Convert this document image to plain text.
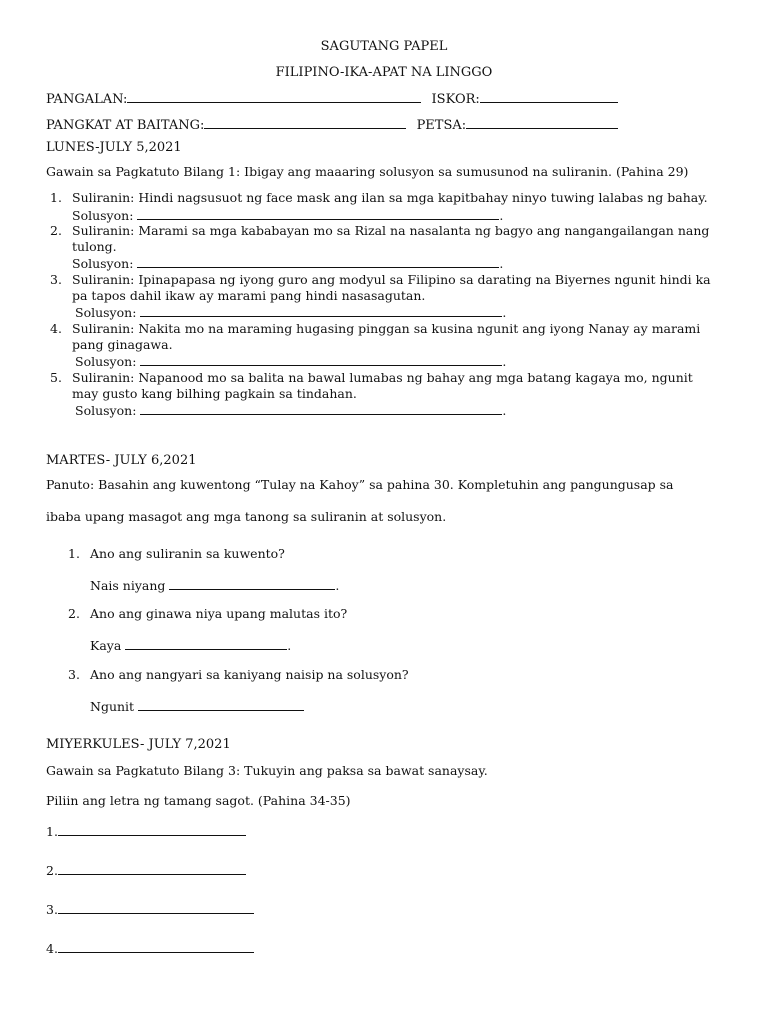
SAGUTANG PAPEL
FILIPINO-IKA-APAT NA LINGGO
PANGALAN:	ISKOR:
PANGKAT AT BAITANG:	PETSA:
LUNES-JULY 5,2021
Gawain sa Pagkatuto Bilang 1: Ibigay ang maaaring solusyon sa sumusunod na suliranin. (Pahina 29)
1. Suliranin: Hindi nagsusuot ng face mask ang ilan sa mga kapitbahay ninyo tuwing lalabas ng bahay.
Solusyon:	.
2. Suliranin: Marami sa mga kababayan mo sa Rizal na nasalanta ng bagyo ang nangangailangan nang
tulong.
Solusyon:	.
3. Suliranin: Ipinapapasa ng iyong guro ang modyul sa Filipino sa darating na Biyernes ngunit hindi ka
pa tapos dahil ikaw ay marami pang hindi nasasagutan.
Solusyon:	.
4. Suliranin: Nakita mo na maraming hugasing pinggan sa kusina ngunit ang iyong Nanay ay marami
pang ginagawa.
Solusyon:	.
5. Suliranin: Napanood mo sa balita na bawal lumabas ng bahay ang mga batang kagaya mo, ngunit
may gusto kang bilhing pagkain sa tindahan.
Solusyon:	.
MARTES- JULY 6,2021
Panuto: Basahin ang kuwentong “Tulay na Kahoy” sa pahina 30. Kompletuhin ang pangungusap sa
ibaba upang masagot ang mga tanong sa suliranin at solusyon.
1. Ano ang suliranin sa kuwento?
Nais niyang	.
2. Ano ang ginawa niya upang malutas ito?
Kaya	.
3. Ano ang nangyari sa kaniyang naisip na solusyon?
Ngunit
MIYERKULES- JULY 7,2021
Gawain sa Pagkatuto Bilang 3: Tukuyin ang paksa sa bawat sanaysay.
Piliin ang letra ng tamang sagot. (Pahina 34-35)
1.
2.
3.
4.
